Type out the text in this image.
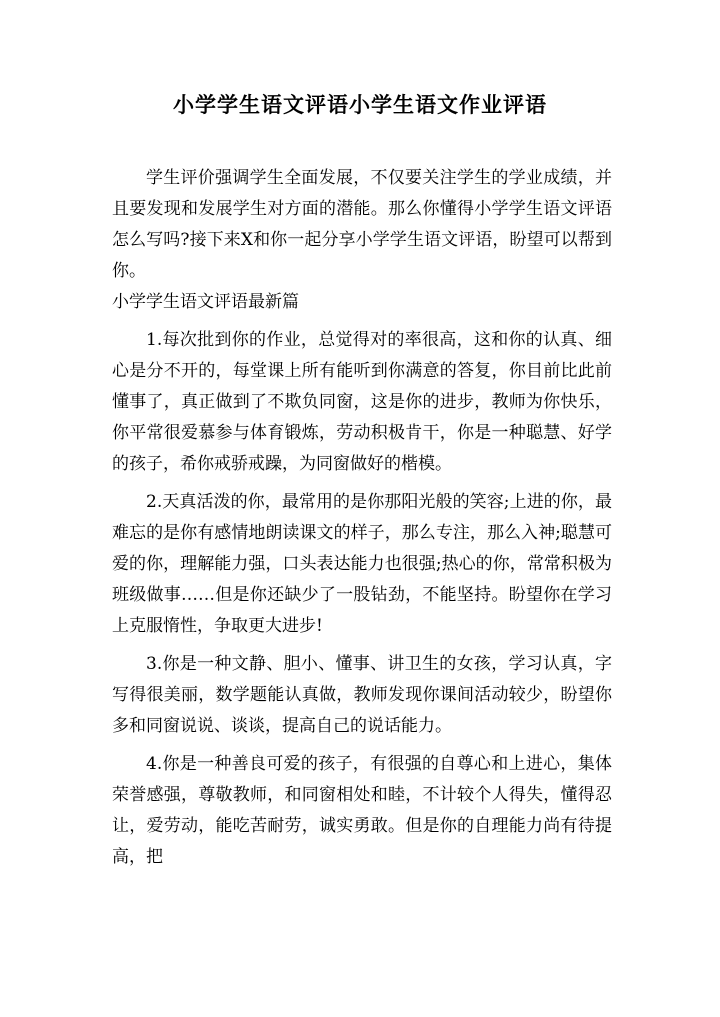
小学学生语文评语小学生语文作业评语

学生评价强调学生全面发展，不仅要关注学生的学业成绩，并且要发现和发展学生对方面的潜能。那么你懂得小学学生语文评语怎么写吗?接下来X和你一起分享小学学生语文评语，盼望可以帮到你。

小学学生语文评语最新篇

1.每次批到你的作业，总觉得对的率很高，这和你的认真、细心是分不开的，每堂课上所有能听到你满意的答复，你目前比此前懂事了，真正做到了不欺负同窗，这是你的进步，教师为你快乐，你平常很爱慕参与体育锻炼，劳动积极肯干，你是一种聪慧、好学的孩子，希你戒骄戒躁，为同窗做好的楷模。

2.天真活泼的你，最常用的是你那阳光般的笑容;上进的你，最难忘的是你有感情地朗读课文的样子，那么专注，那么入神;聪慧可爱的你，理解能力强，口头表达能力也很强;热心的你，常常积极为班级做事……但是你还缺少了一股钻劲，不能坚持。盼望你在学习上克服惰性，争取更大进步!

3.你是一种文静、胆小、懂事、讲卫生的女孩，学习认真，字写得很美丽，数学题能认真做，教师发现你课间活动较少，盼望你多和同窗说说、谈谈，提高自己的说话能力。

4.你是一种善良可爱的孩子，有很强的自尊心和上进心，集体荣誉感强，尊敬教师，和同窗相处和睦，不计较个人得失，懂得忍让，爱劳动，能吃苦耐劳，诚实勇敢。但是你的自理能力尚有待提高，把
